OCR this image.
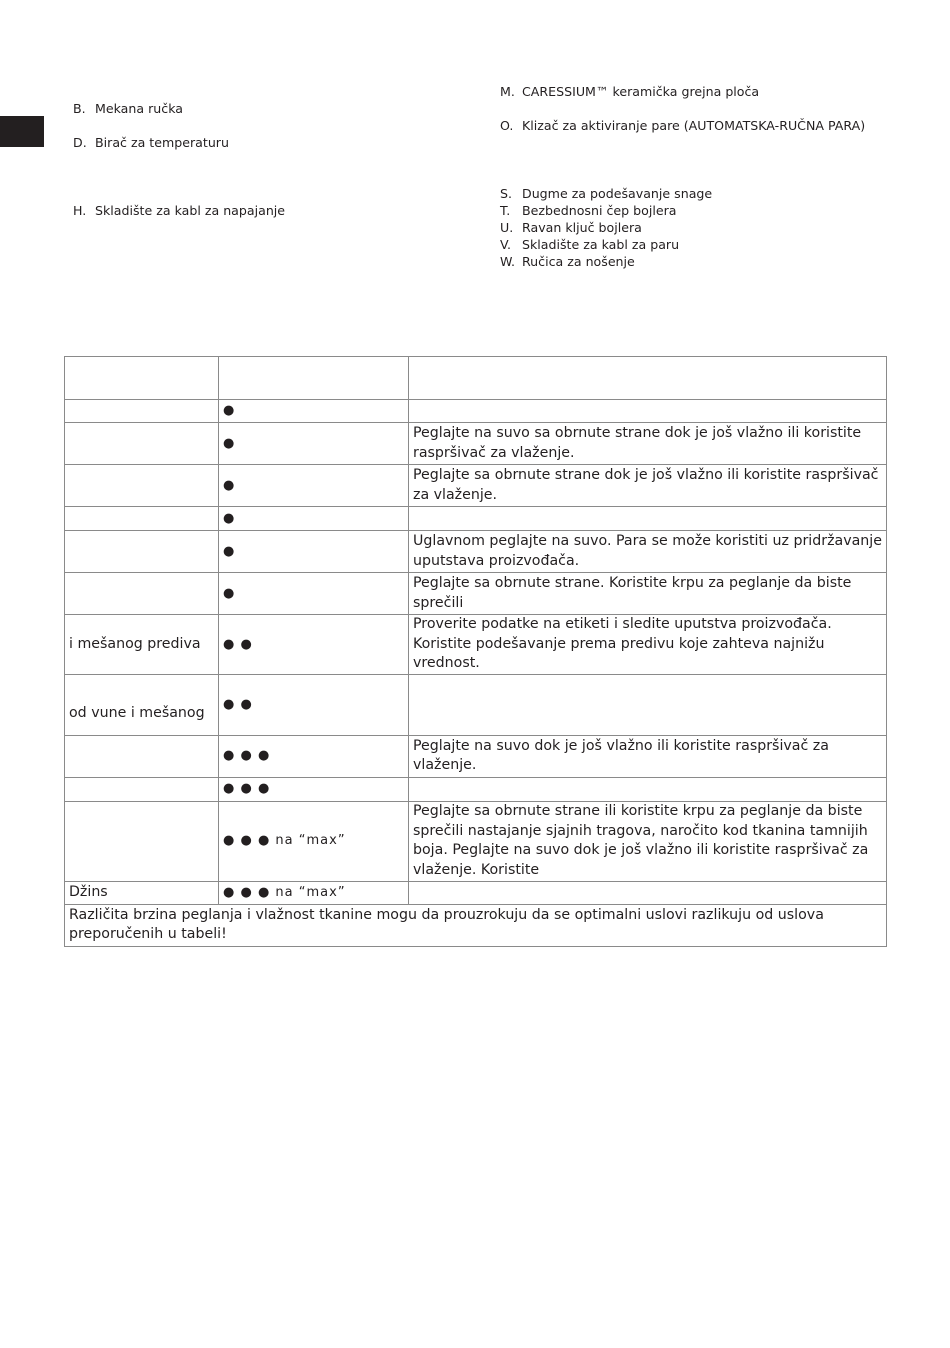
B. Mekana ručka
D. Birač za temperaturu
H. Skladište za kabl za napajanje
M. CARESSIUM™ keramička grejna ploča
O. Klizač za aktiviranje pare (AUTOMATSKA-RUČNA PARA)
S. Dugme za podešavanje snage
T. Bezbednosni čep bojlera
U. Ravan ključ bojlera
V. Skladište za kabl za paru
W. Ručica za nošenje

	●	
	●	Peglajte na suvo sa obrnute strane dok je još vlažno ili koristite raspršivač za vlaženje.
	●	Peglajte sa obrnute strane dok je još vlažno ili koristite raspršivač za vlaženje.
	●	
	●	Uglavnom peglajte na suvo. Para se može koristiti uz pridržavanje uputstava proizvođača.
	●	Peglajte sa obrnute strane. Koristite krpu za peglanje da biste sprečili
i mešanog prediva	● ●	Proverite podatke na etiketi i sledite uputstva proizvođača. Koristite podešavanje prema predivu koje zahteva najnižu vrednost.
od vune i mešanog	● ●	
	● ● ●	Peglajte na suvo dok je još vlažno ili koristite raspršivač za vlaženje.
	● ● ●	
	● ● ● na “max”	Peglajte sa obrnute strane ili koristite krpu za peglanje da biste sprečili nastajanje sjajnih tragova, naročito kod tkanina tamnijih boja. Peglajte na suvo dok je još vlažno ili koristite raspršivač za vlaženje. Koristite
Džins	● ● ● na “max”	
Različita brzina peglanja i vlažnost tkanine mogu da prouzrokuju da se optimalni uslovi razlikuju od uslova preporučenih u tabeli!		
